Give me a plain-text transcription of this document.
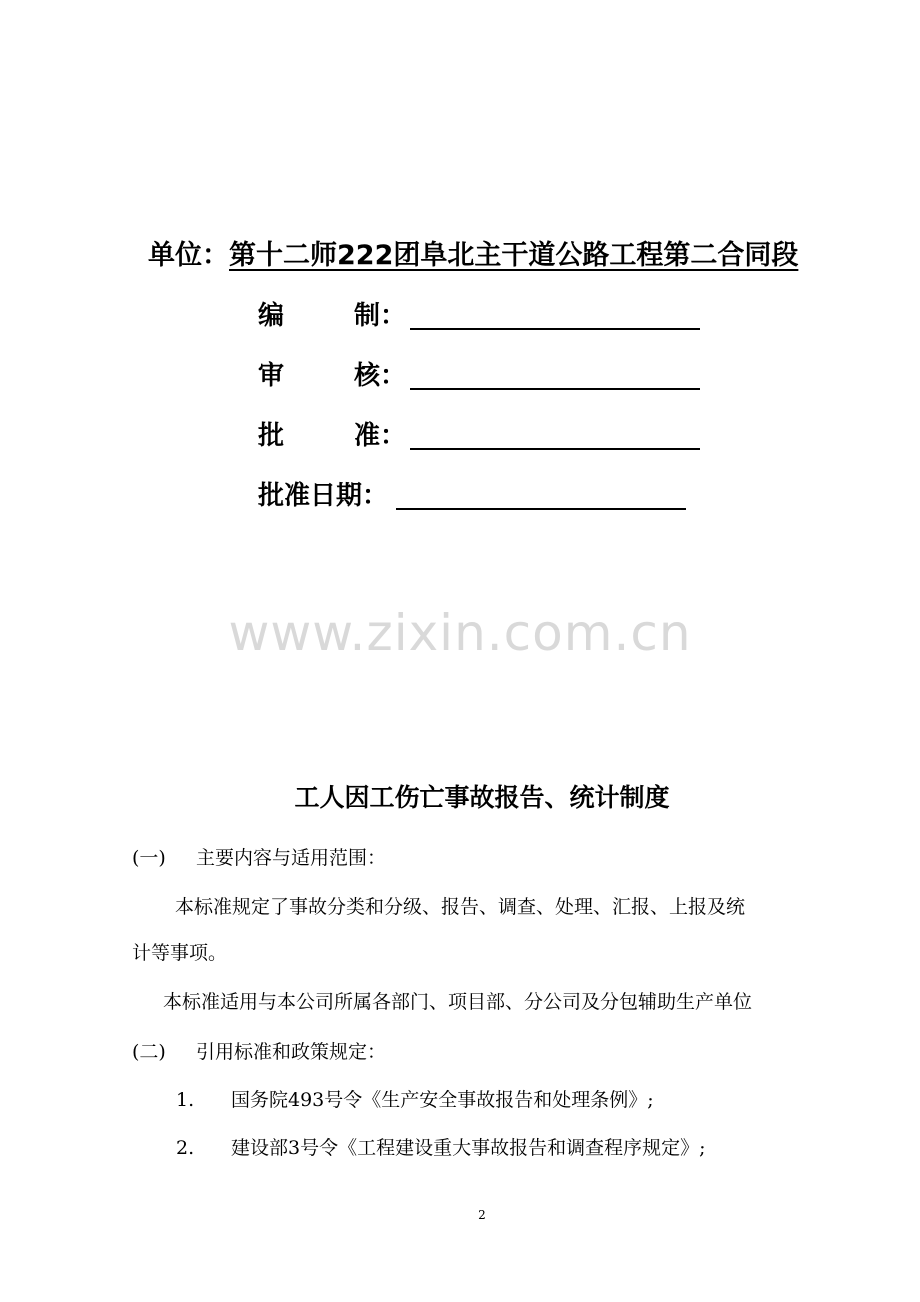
单位：第十二师222团阜北主干道公路工程第二合同段
编	制：
审	核：
批	准：
批准日期：
www.zixin.com.cn
工人因工伤亡事故报告、统计制度
(一) 主要内容与适用范围：
本标准规定了事故分类和分级、报告、调查、处理、汇报、上报及统
计等事项。
本标准适用与本公司所属各部门、项目部、分公司及分包辅助生产单位
(二) 引用标准和政策规定：
1. 国务院493号令《生产安全事故报告和处理条例》;
2. 建设部3号令《工程建设重大事故报告和调查程序规定》;
2
